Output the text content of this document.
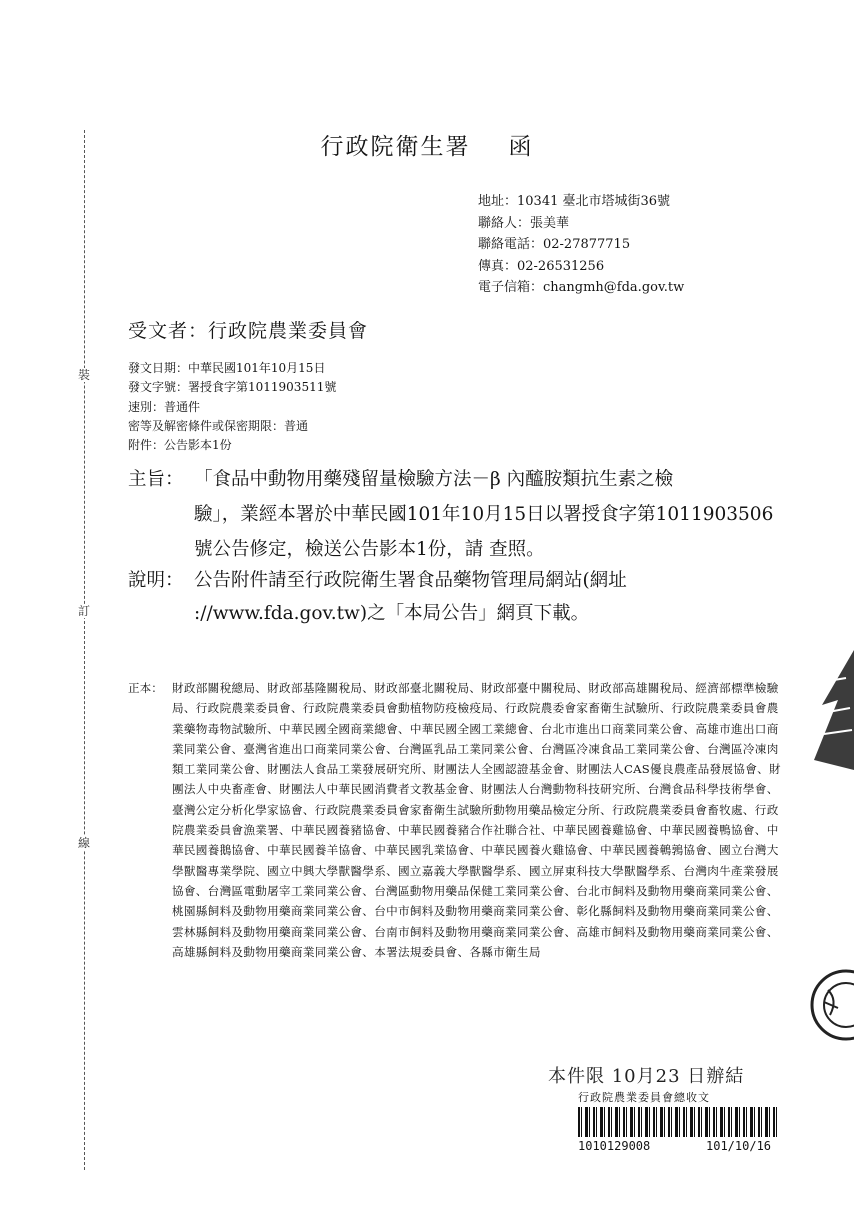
裝
訂
線
行政院衛生署 函
地址：10341 臺北市塔城街36號
聯絡人：張美華
聯絡電話：02-27877715
傳真：02-26531256
電子信箱：changmh@fda.gov.tw
受文者：行政院農業委員會
發文日期：中華民國101年10月15日
發文字號：署授食字第1011903511號
速別：普通件
密等及解密條件或保密期限：普通
附件：公告影本1份
主旨： 「食品中動物用藥殘留量檢驗方法－β 內醯胺類抗生素之檢
驗」，業經本署於中華民國101年10月15日以署授食字第1011903506
號公告修定，檢送公告影本1份，請 查照。
說明： 公告附件請至行政院衛生署食品藥物管理局網站(網址
://www.fda.gov.tw)之「本局公告」網頁下載。
正本： 財政部關稅總局、財政部基隆關稅局、財政部臺北關稅局、財政部臺中關稅局、財政部高雄關稅局、經濟部標準檢驗局、行政院農業委員會、行政院農業委員會動植物防疫檢疫局、行政院農委會家畜衛生試驗所、行政院農業委員會農業藥物毒物試驗所、中華民國全國商業總會、中華民國全國工業總會、台北市進出口商業同業公會、高雄市進出口商業同業公會、臺灣省進出口商業同業公會、台灣區乳品工業同業公會、台灣區冷凍食品工業同業公會、台灣區冷凍肉類工業同業公會、財團法人食品工業發展研究所、財團法人全國認證基金會、財團法人CAS優良農產品發展協會、財團法人中央畜產會、財團法人中華民國消費者文教基金會、財團法人台灣動物科技研究所、台灣食品科學技術學會、臺灣公定分析化學家協會、行政院農業委員會家畜衛生試驗所動物用藥品檢定分所、行政院農業委員會畜牧處、行政院農業委員會漁業署、中華民國養豬協會、中華民國養豬合作社聯合社、中華民國養雞協會、中華民國養鴨協會、中華民國養鵝協會、中華民國養羊協會、中華民國乳業協會、中華民國養火雞協會、中華民國養鵪鶉協會、國立台灣大學獸醫專業學院、國立中興大學獸醫學系、國立嘉義大學獸醫學系、國立屏東科技大學獸醫學系、台灣肉牛產業發展協會、台灣區電動屠宰工業同業公會、台灣區動物用藥品保健工業同業公會、台北市飼料及動物用藥商業同業公會、桃園縣飼料及動物用藥商業同業公會、台中市飼料及動物用藥商業同業公會、彰化縣飼料及動物用藥商業同業公會、雲林縣飼料及動物用藥商業同業公會、台南市飼料及動物用藥商業同業公會、高雄市飼料及動物用藥商業同業公會、高雄縣飼料及動物用藥商業同業公會、本署法規委員會、各縣市衛生局
本件限 10月23 日辦結
行政院農業委員會總收文
1010129008	101/10/16
